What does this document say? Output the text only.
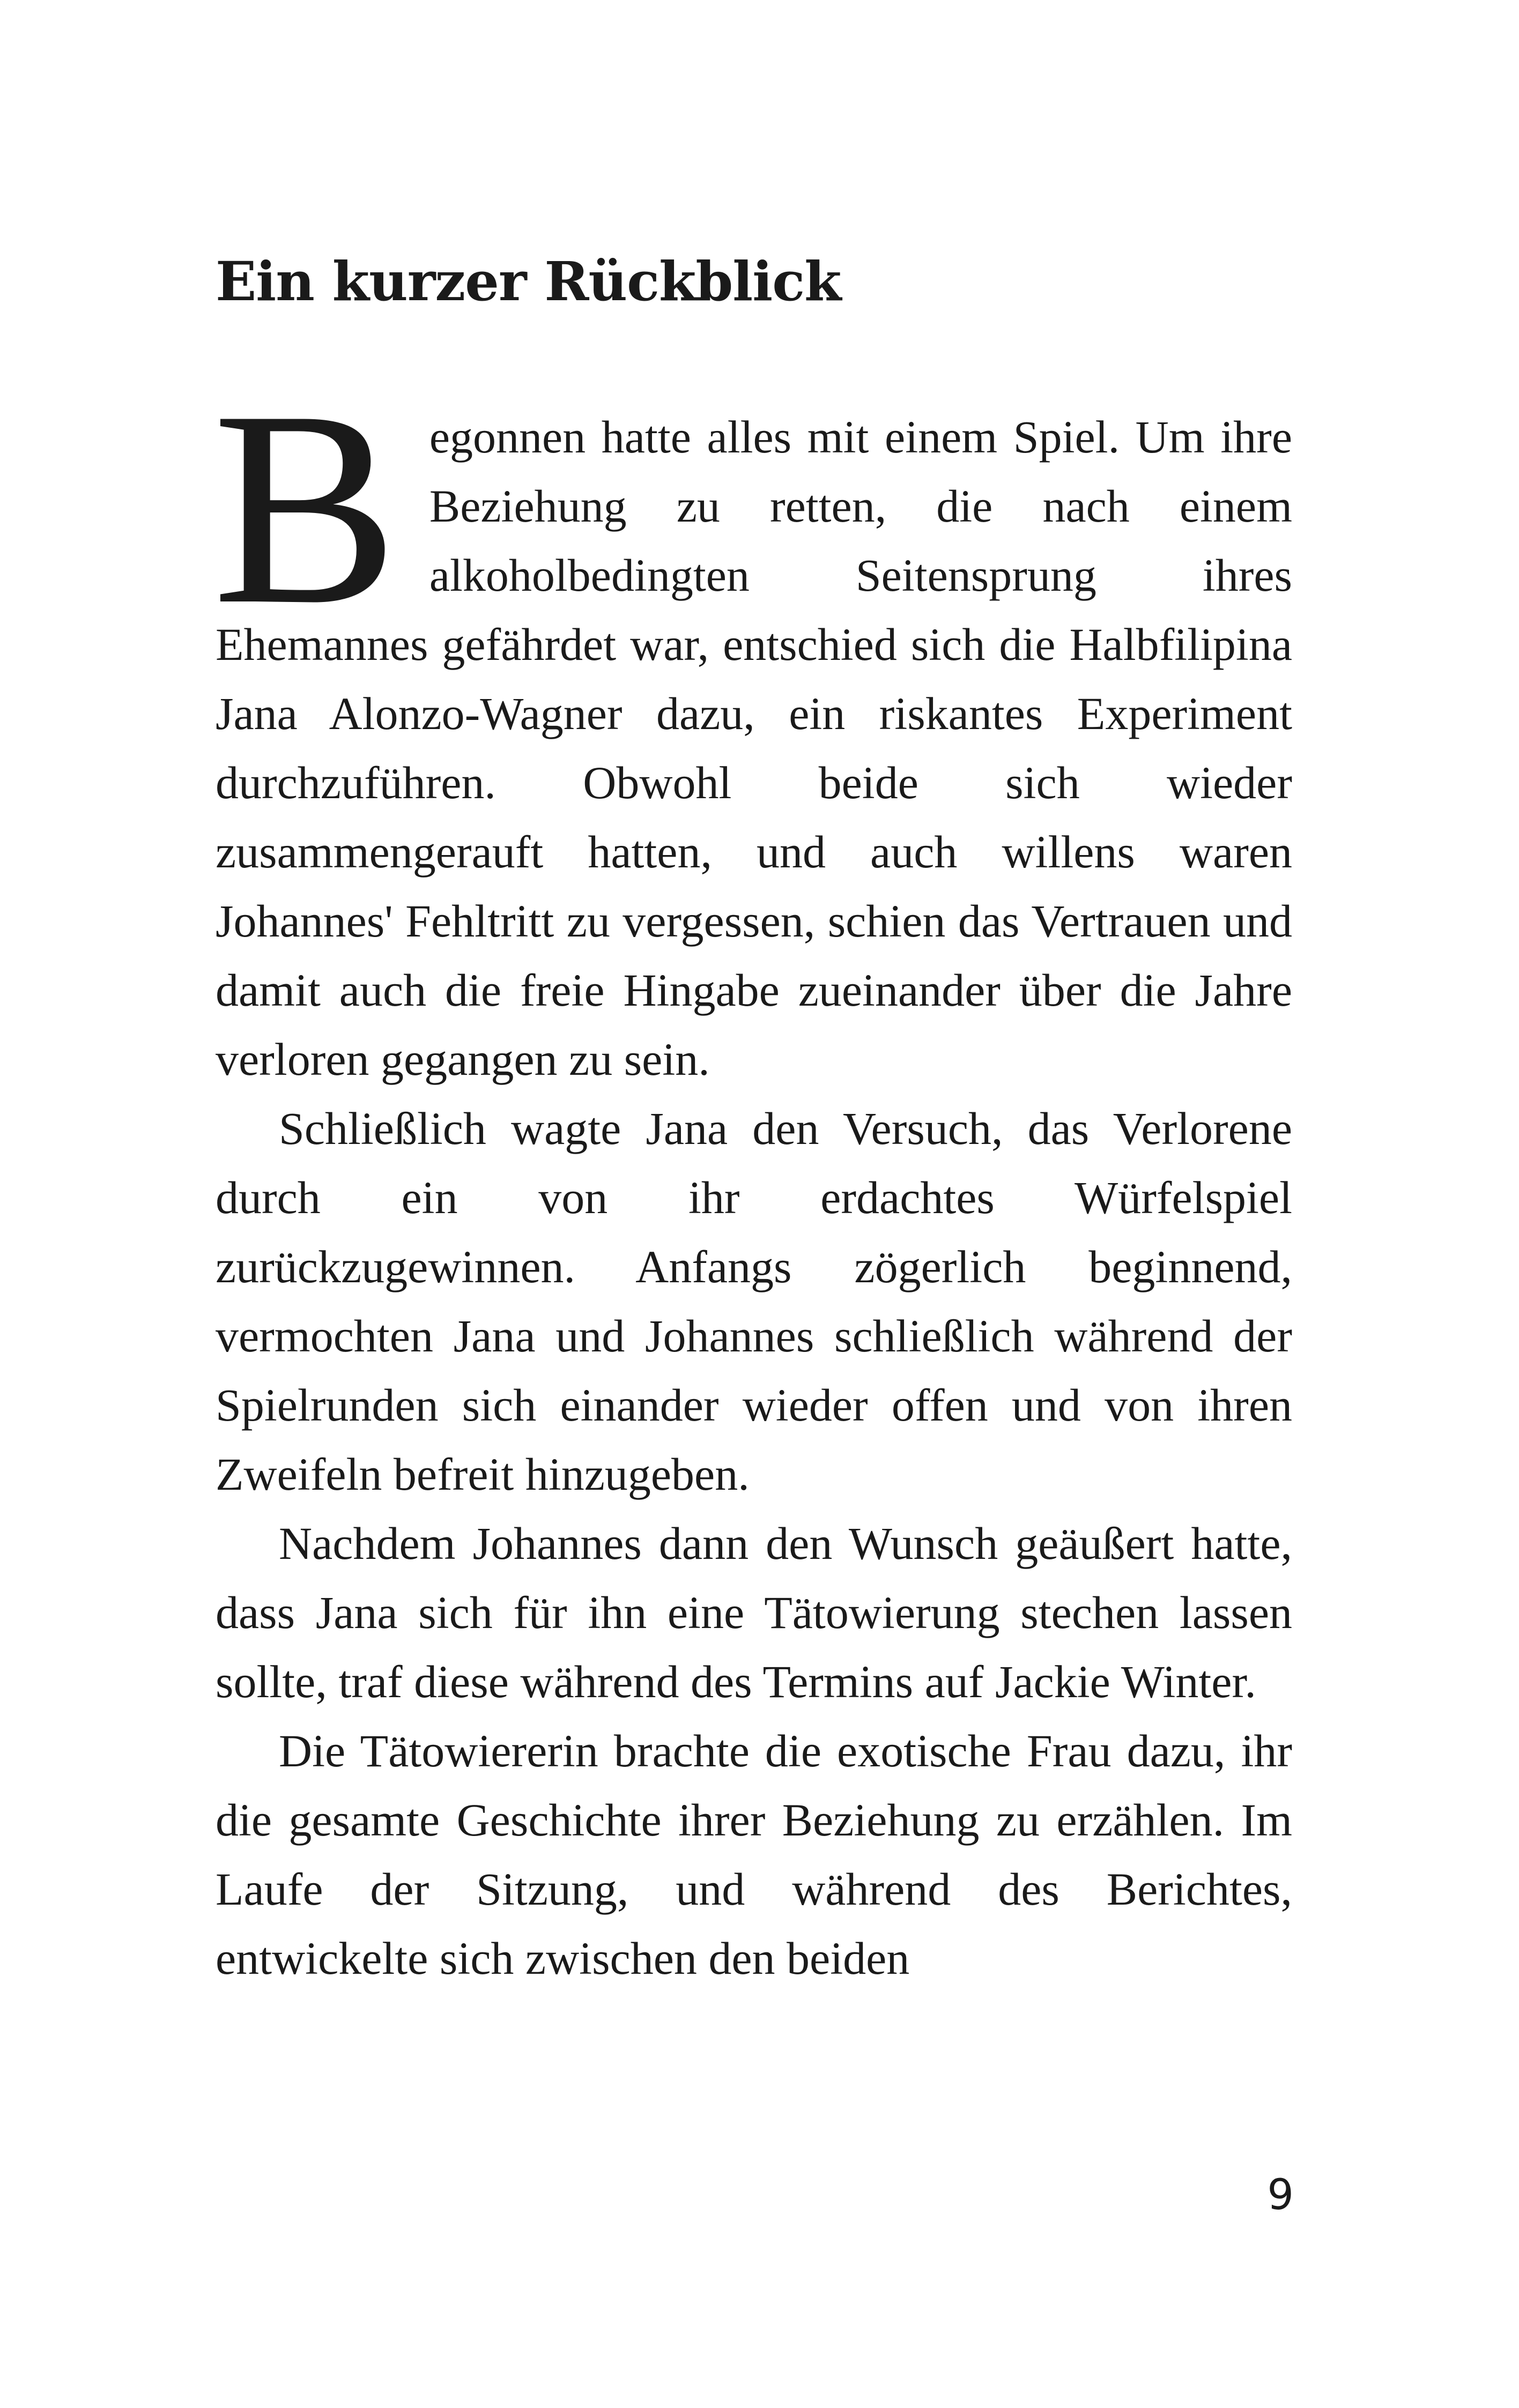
Ein kurzer Rückblick

Begonnen hatte alles mit einem Spiel. Um ihre Beziehung zu retten, die nach einem alkoholbedingten Seitensprung ihres Ehemannes gefährdet war, entschied sich die Halbfilipina Jana Alonzo-Wagner dazu, ein riskantes Experiment durchzuführen. Obwohl beide sich wieder zusammengerauft hatten, und auch willens waren Johannes' Fehltritt zu vergessen, schien das Vertrauen und damit auch die freie Hingabe zueinander über die Jahre verloren gegangen zu sein.

Schließlich wagte Jana den Versuch, das Verlorene durch ein von ihr erdachtes Würfelspiel zurückzugewinnen. Anfangs zögerlich beginnend, vermochten Jana und Johannes schließlich während der Spielrunden sich einander wieder offen und von ihren Zweifeln befreit hinzugeben.

Nachdem Johannes dann den Wunsch geäußert hatte, dass Jana sich für ihn eine Tätowierung stechen lassen sollte, traf diese während des Termins auf Jackie Winter.

Die Tätowiererin brachte die exotische Frau dazu, ihr die gesamte Geschichte ihrer Beziehung zu erzählen. Im Laufe der Sitzung, und während des Berichtes, entwickelte sich zwischen den beiden

9
